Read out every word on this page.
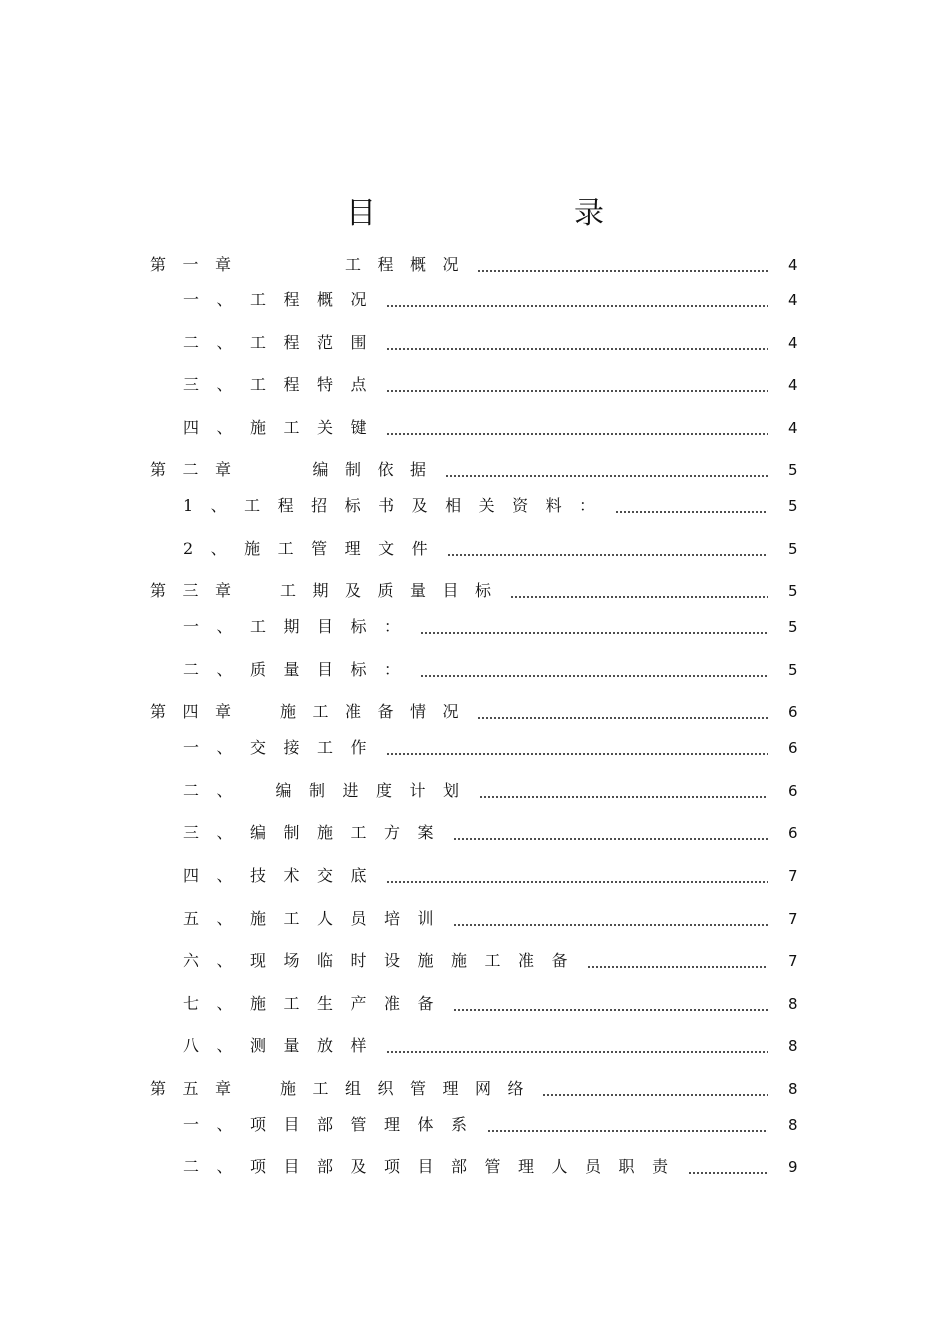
目　　录
第一章　　　工程概况	4
一、工程概况	4
二、工程范围	4
三、工程特点	4
四、施工关键	4
第二章　　编制依据	5
1、工程招标书及相关资料：	5
2、施工管理文件	5
第三章　工期及质量目标	5
一、工期目标：	5
二、质量目标：	5
第四章　施工准备情况	6
一、交接工作	6
二、　编制进度计划	6
三、编制施工方案	6
四、技术交底	7
五、施工人员培训	7
六、现场临时设施施工准备	7
七、施工生产准备	8
八、测量放样	8
第五章　施工组织管理网络	8
一、项目部管理体系	8
二、项目部及项目部管理人员职责	9
